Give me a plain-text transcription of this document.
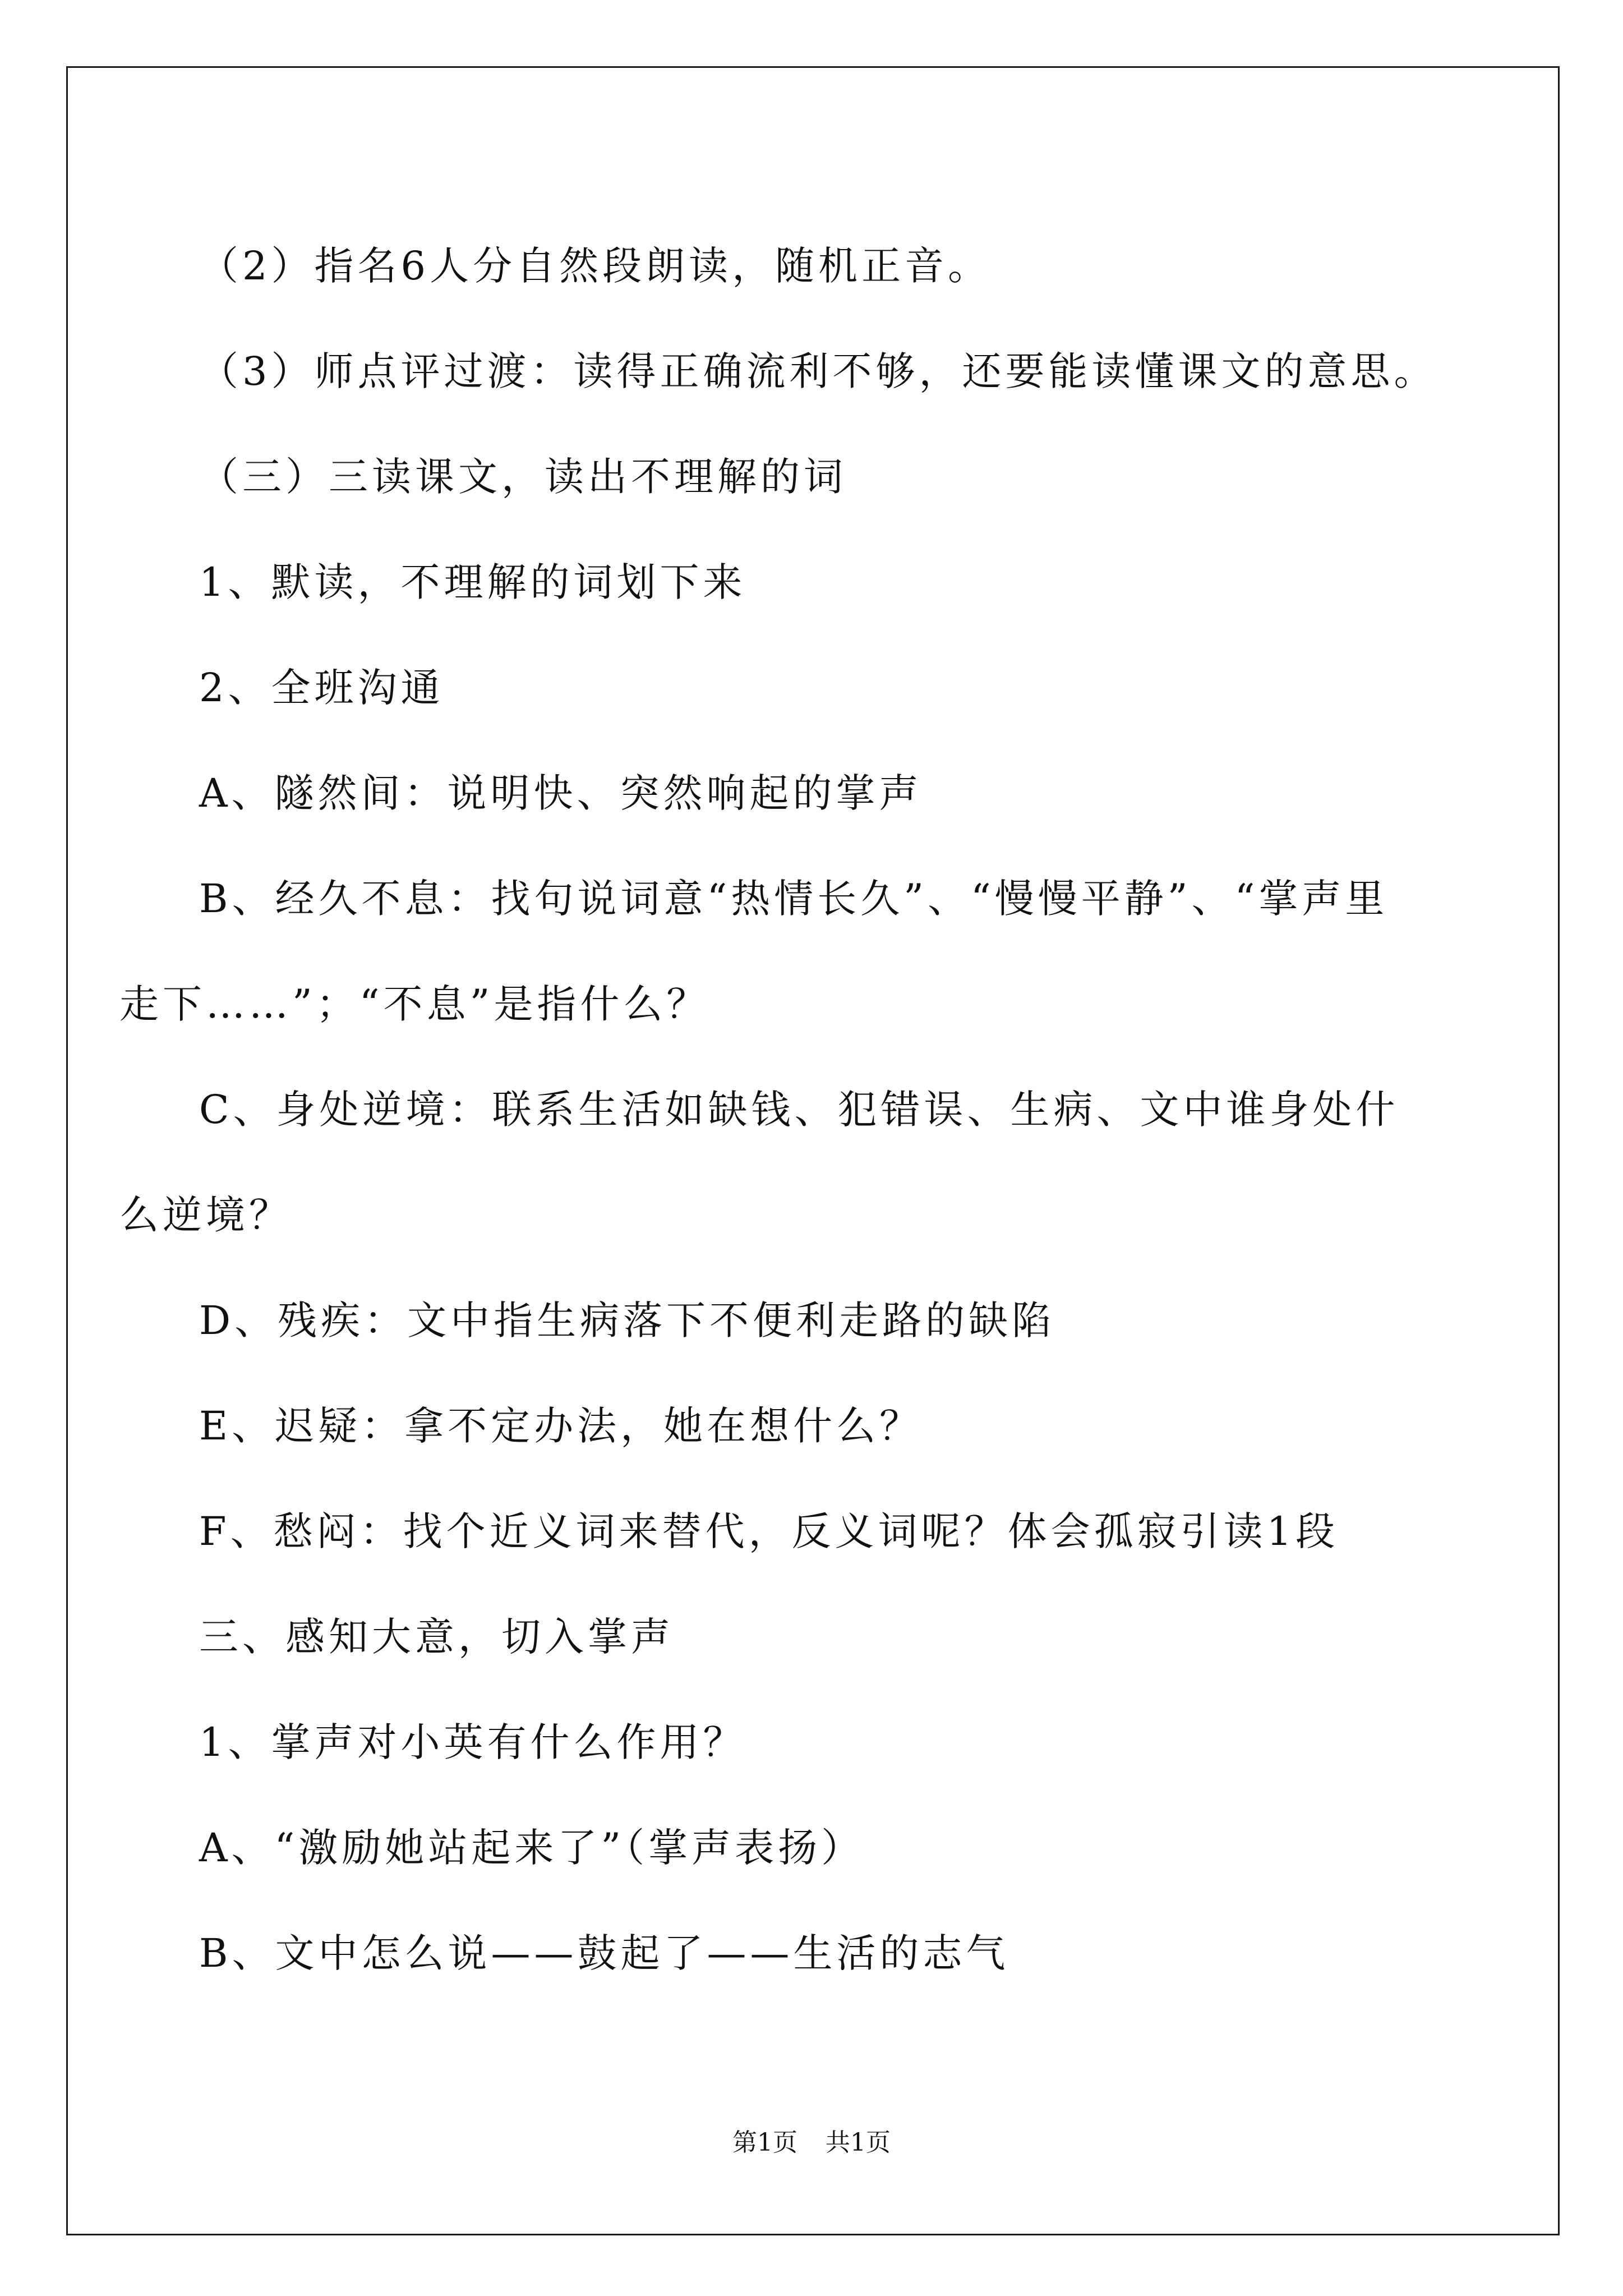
（2）指名6人分自然段朗读，随机正音。

（3）师点评过渡：读得正确流利不够，还要能读懂课文的意思。

（三）三读课文，读出不理解的词

1、默读，不理解的词划下来

2、全班沟通

A、隧然间：说明快、突然响起的掌声

B、经久不息：找句说词意“热情长久”、“慢慢平静”、“掌声里走下……”；“不息”是指什么？

C、身处逆境：联系生活如缺钱、犯错误、生病、文中谁身处什么逆境？

D、残疾：文中指生病落下不便利走路的缺陷

E、迟疑：拿不定办法，她在想什么？

F、愁闷：找个近义词来替代，反义词呢？体会孤寂引读1段

三、感知大意，切入掌声

1、掌声对小英有什么作用？

A、“激励她站起来了”（掌声表扬）

B、文中怎么说——鼓起了——生活的志气

第1页 共1页
